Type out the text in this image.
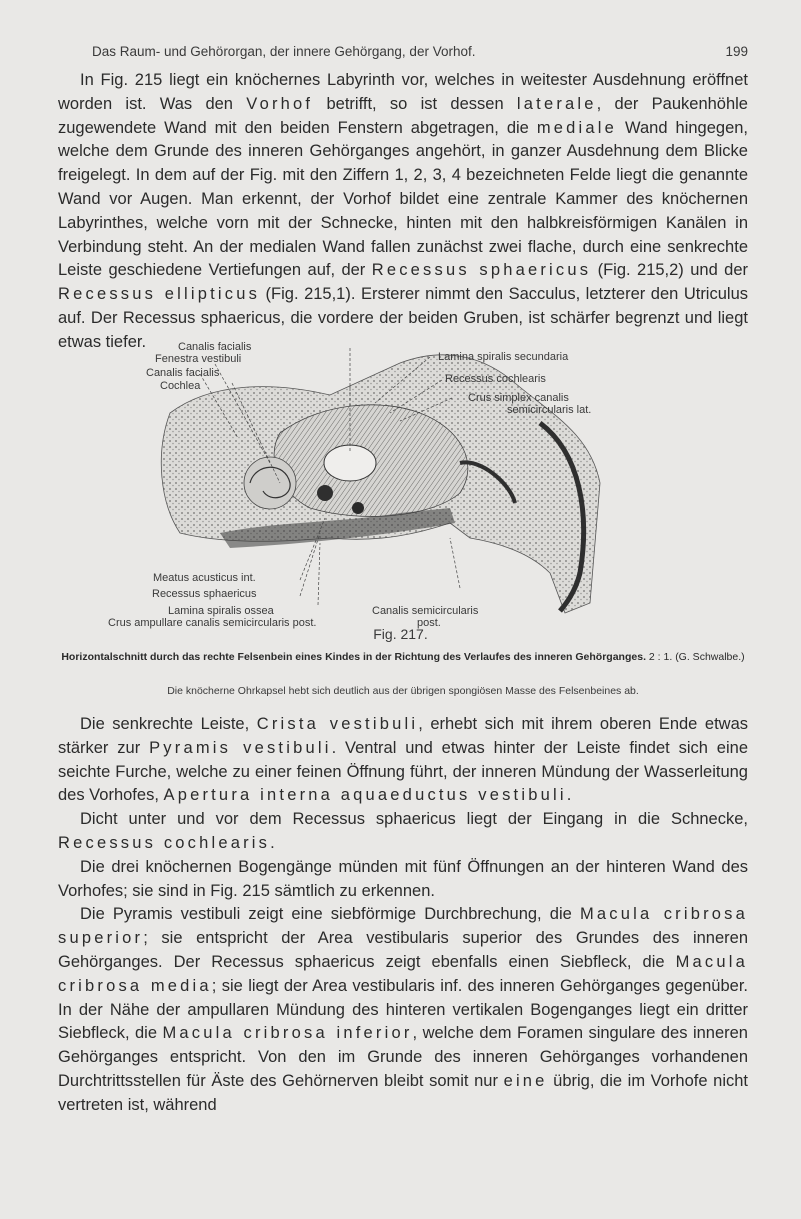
Das Raum- und Gehörorgan, der innere Gehörgang, der Vorhof.	199

In Fig. 215 liegt ein knöchernes Labyrinth vor, welches in weitester Ausdehnung eröffnet worden ist. Was den Vorhof betrifft, so ist dessen laterale, der Paukenhöhle zugewendete Wand mit den beiden Fenstern abgetragen, die mediale Wand hingegen, welche dem Grunde des inneren Gehörganges angehört, in ganzer Ausdehnung dem Blicke freigelegt. In dem auf der Fig. mit den Ziffern 1, 2, 3, 4 bezeichneten Felde liegt die genannte Wand vor Augen. Man erkennt, der Vorhof bildet eine zentrale Kammer des knöchernen Labyrinthes, welche vorn mit der Schnecke, hinten mit den halbkreisförmigen Kanälen in Verbindung steht. An der medialen Wand fallen zunächst zwei flache, durch eine senkrechte Leiste geschiedene Vertiefungen auf, der Recessus sphaericus (Fig. 215,2) und der Recessus ellipticus (Fig. 215,1). Ersterer nimmt den Sacculus, letzterer den Utriculus auf. Der Recessus sphaericus, die vordere der beiden Gruben, ist schärfer begrenzt und liegt etwas tiefer.	Canalis facialis
Fenestra vestibuli
Canalis facialis
Cochlea
Lamina spiralis secundaria
Recessus cochlearis
Crus simplex canalis
semicircularis lat.
Meatus acusticus int.
Recessus sphaericus
Lamina spiralis ossea
Crus ampullare canalis semicircularis post.
Canalis semicircularis
post.
Fig. 217.
Horizontalschnitt durch das rechte Felsenbein eines Kindes in der Richtung des Verlaufes des inneren Gehörganges. 2 : 1. (G. Schwalbe.)
Die knöcherne Ohrkapsel hebt sich deutlich aus der übrigen spongiösen Masse des Felsenbeines ab.

Die senkrechte Leiste, Crista vestibuli, erhebt sich mit ihrem oberen Ende etwas stärker zur Pyramis vestibuli. Ventral und etwas hinter der Leiste findet sich eine seichte Furche, welche zu einer feinen Öffnung führt, der inneren Mündung der Wasserleitung des Vorhofes, Apertura interna aquaeductus vestibuli.

Dicht unter und vor dem Recessus sphaericus liegt der Eingang in die Schnecke, Recessus cochlearis.

Die drei knöchernen Bogengänge münden mit fünf Öffnungen an der hinteren Wand des Vorhofes; sie sind in Fig. 215 sämtlich zu erkennen.

Die Pyramis vestibuli zeigt eine siebförmige Durchbrechung, die Macula cribrosa superior; sie entspricht der Area vestibularis superior des Grundes des inneren Gehörganges. Der Recessus sphaericus zeigt ebenfalls einen Siebfleck, die Macula cribrosa media; sie liegt der Area vestibularis inf. des inneren Gehörganges gegenüber. In der Nähe der ampullaren Mündung des hinteren vertikalen Bogenganges liegt ein dritter Siebfleck, die Macula cribrosa inferior, welche dem Foramen singulare des inneren Gehörganges entspricht. Von den im Grunde des inneren Gehörganges vorhandenen Durchtrittsstellen für Äste des Gehörnerven bleibt somit nur eine übrig, die im Vorhofe nicht vertreten ist, während
